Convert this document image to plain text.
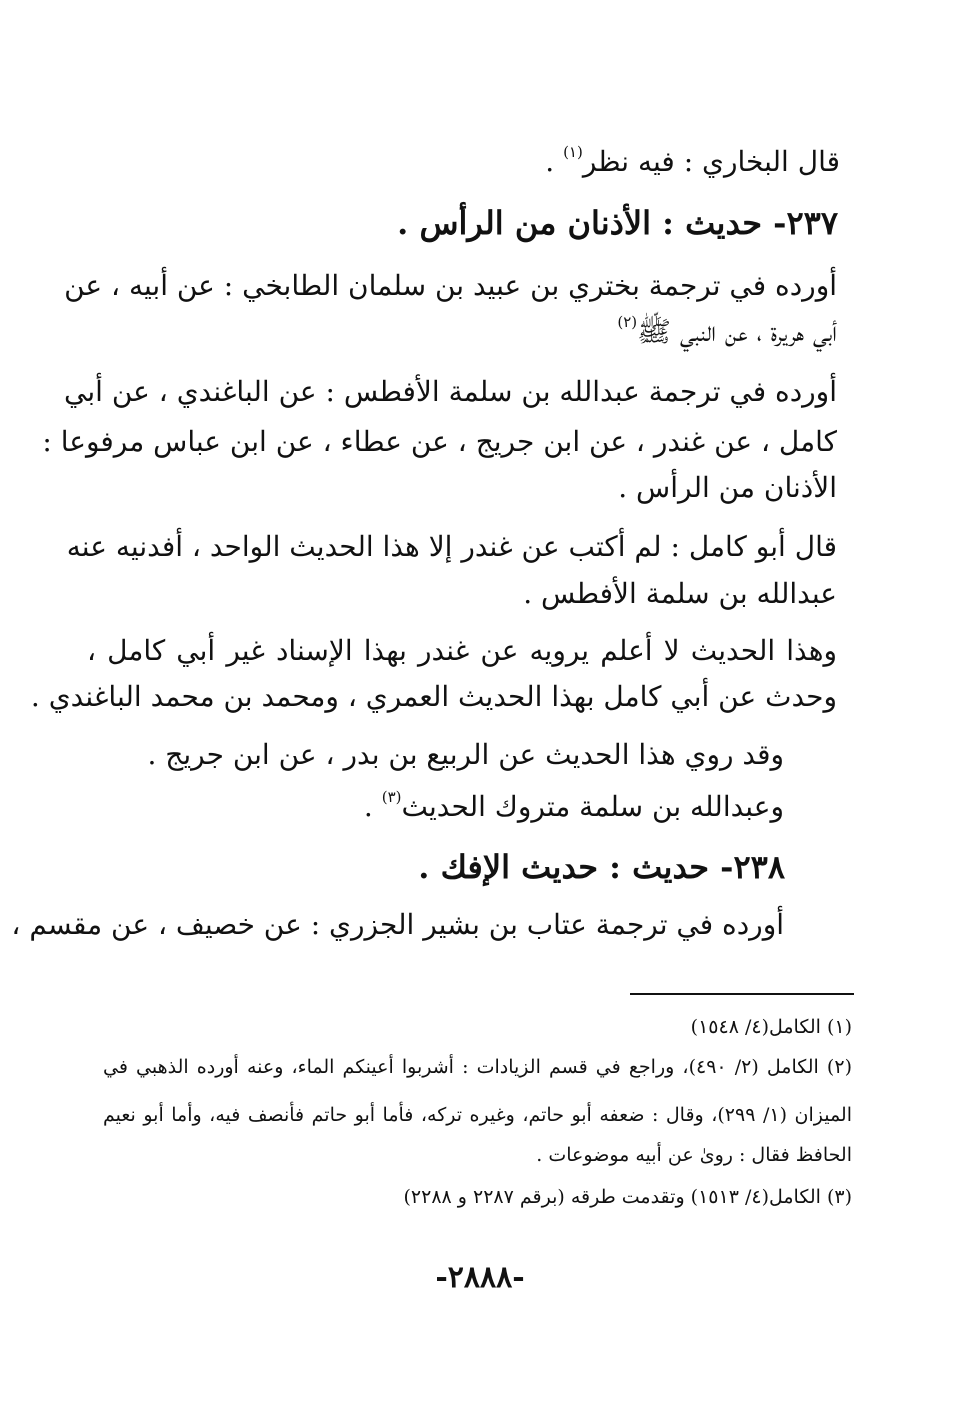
قال البخاري : فيه نظر$^{(١)}$ .
٢٣٧- حديث : الأذنان من الرأس .
أورده في ترجمة بختري بن عبيد بن سلمان الطابخي : عن أبيه ، عن
أبي هريرة ، عن النبي ﷺ$^{(٢)}$
أورده في ترجمة عبدالله بن سلمة الأفطس : عن الباغندي ، عن أبي
كامل ، عن غندر ، عن ابن جريج ، عن عطاء ، عن ابن عباس مرفوعا :
الأذنان من الرأس .
قال أبو كامل : لم أكتب عن غندر إلا هذا الحديث الواحد ، أفدنيه عنه
عبدالله بن سلمة الأفطس .
وهذا الحديث لا أعلم يرويه عن غندر بهذا الإسناد غير أبي كامل ،
وحدث عن أبي كامل بهذا الحديث العمري ، ومحمد بن محمد الباغندي .
وقد روي هذا الحديث عن الربيع بن بدر ، عن ابن جريج .
وعبدالله بن سلمة متروك الحديث$^{(٣)}$ .
٢٣٨- حديث : حديث الإفك .
أورده في ترجمة عتاب بن بشير الجزري : عن خصيف ، عن مقسم ،
(١) الكامل(٤/ ١٥٤٨)
(٢) الكامل (٢/ ٤٩٠)، وراجع في قسم الزيادات : أشربوا أعينكم الماء، وعنه أورده الذهبي في
الميزان (١/ ٢٩٩)، وقال : ضعفه أبو حاتم، وغيره تركه، فأما أبو حاتم فأنصف فيه، وأما أبو نعيم
الحافظ فقال : روىٰ عن أبيه موضوعات .
(٣) الكامل(٤/ ١٥١٣) وتقدمت طرقه (برقم ٢٢٨٧ و ٢٢٨٨)
-٢٨٨٨-
